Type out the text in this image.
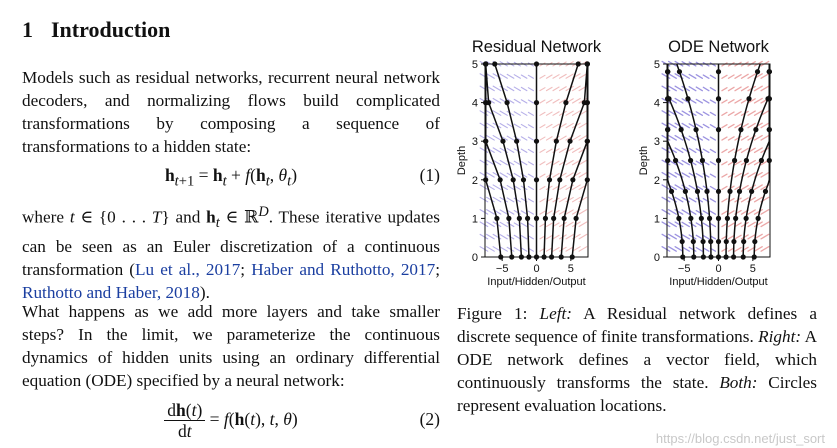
1 Introduction

Models such as residual networks, recurrent neural network decoders, and normalizing flows build complicated transformations by composing a sequence of transformations to a hidden state:

$h_{t+1} = h_t + f(h_t$, $\theta_t$)	(1)

where t ∈ {0 . . . T} and $h_t$ ∈ ℝ$^D$. These iterative updates can be seen as an Euler discretization of a continuous transformation (Lu et al., 2017; Haber and Ruthotto, 2017; Ruthotto and Haber, 2018).

What happens as we add more layers and take smaller steps? In the limit, we parameterize the continuous dynamics of hidden units using an ordinary differential equation (ODE) specified by a neural network:

$\frac{dh(t)}{dt} = f(h(t)$, t, θ)	(2)
−5 0	5
0
1
2
3
4
5
Residual Network
Input/Hidden/Output
Depth
−5 0	5
0
1
2
3
4
5
ODE Network
Input/Hidden/Output
Depth

Figure 1: Left: A Residual network defines a discrete sequence of finite transformations. Right: A ODE network defines a vector field, which continuously transforms the state. Both: Circles represent evaluation locations.

https://blog.csdn.net/just_sort
